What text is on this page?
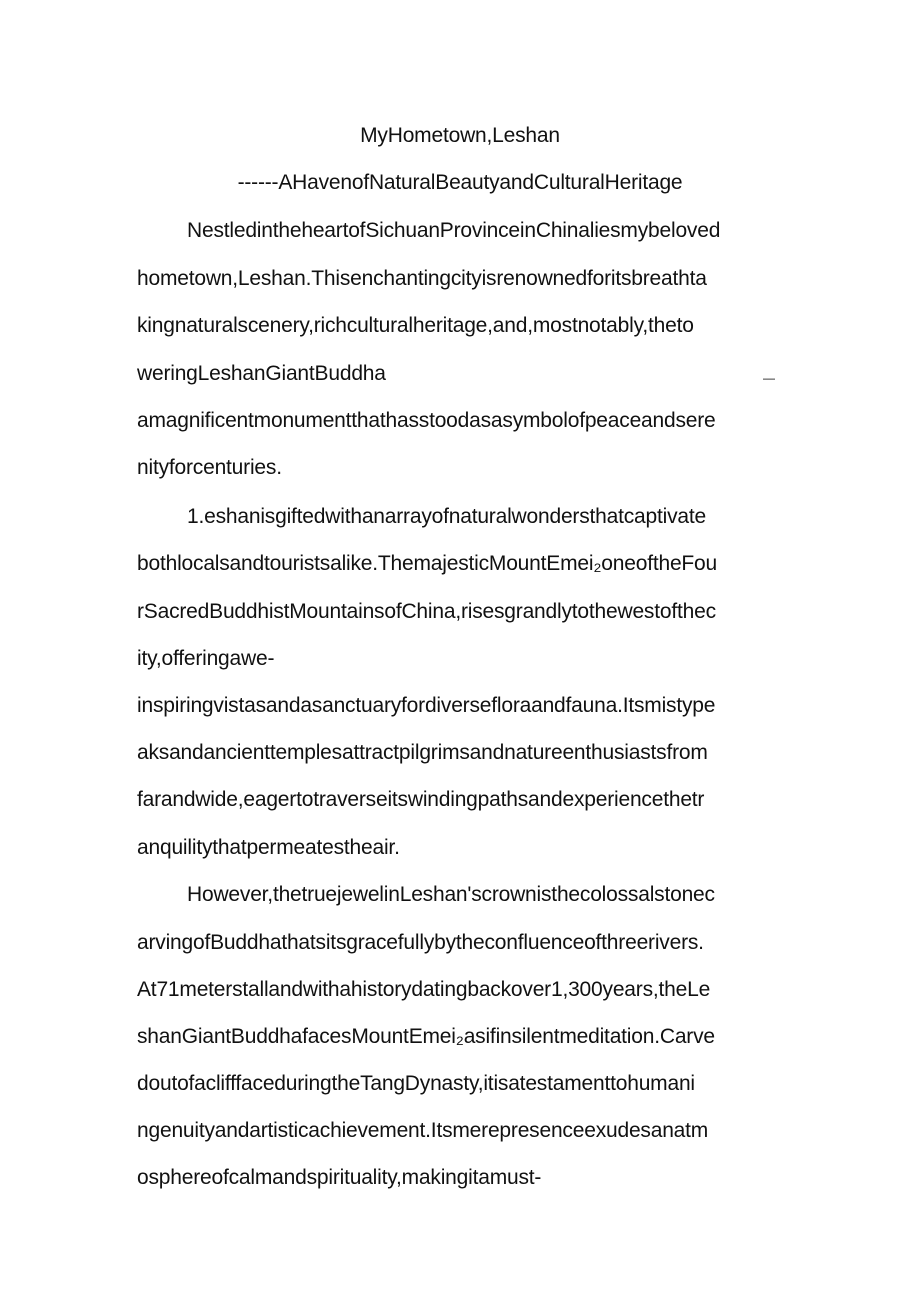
MyHometown,Leshan
------AHavenofNaturalBeautyandCulturalHeritage
NestledintheheartofSichuanProvinceinChinaliesmybeloved
hometown,Leshan.Thisenchantingcityisrenownedforitsbreathta
kingnaturalscenery,richculturalheritage,and,mostnotably,theto
weringLeshanGiantBuddha	—
amagnificentmonumentthathasstoodasasymbolofpeaceandsere
nityforcenturies.
1.eshanisgiftedwithanarrayofnaturalwondersthatcaptivate
bothlocalsandtouristsalike.ThemajesticMountEmei₂oneoftheFou
rSacredBuddhistMountainsofChina,risesgrandlytothewestofthec
ity,offeringawe-
inspiringvistasandasanctuaryfordiversefloraandfauna.Itsmistype
aksandancienttemplesattractpilgrimsandnatureenthusiastsfrom
farandwide,eagertotraverseitswindingpathsandexperiencethetr
anquilitythatpermeatestheair.
However,thetruejewelinLeshan'scrownisthecolossalstonec
arvingofBuddhathatsitsgracefullybytheconfluenceofthreerivers.
At71meterstallandwithahistorydatingbackover1,300years,theLe
shanGiantBuddhafacesMountEmei₂asifinsilentmeditation.Carve
doutofaclifffaceduringtheTangDynasty,itisatestamenttohumani
ngenuityandartisticachievement.Itsmerepresenceexudesanatm
osphereofcalmandspirituality,makingitamust-
